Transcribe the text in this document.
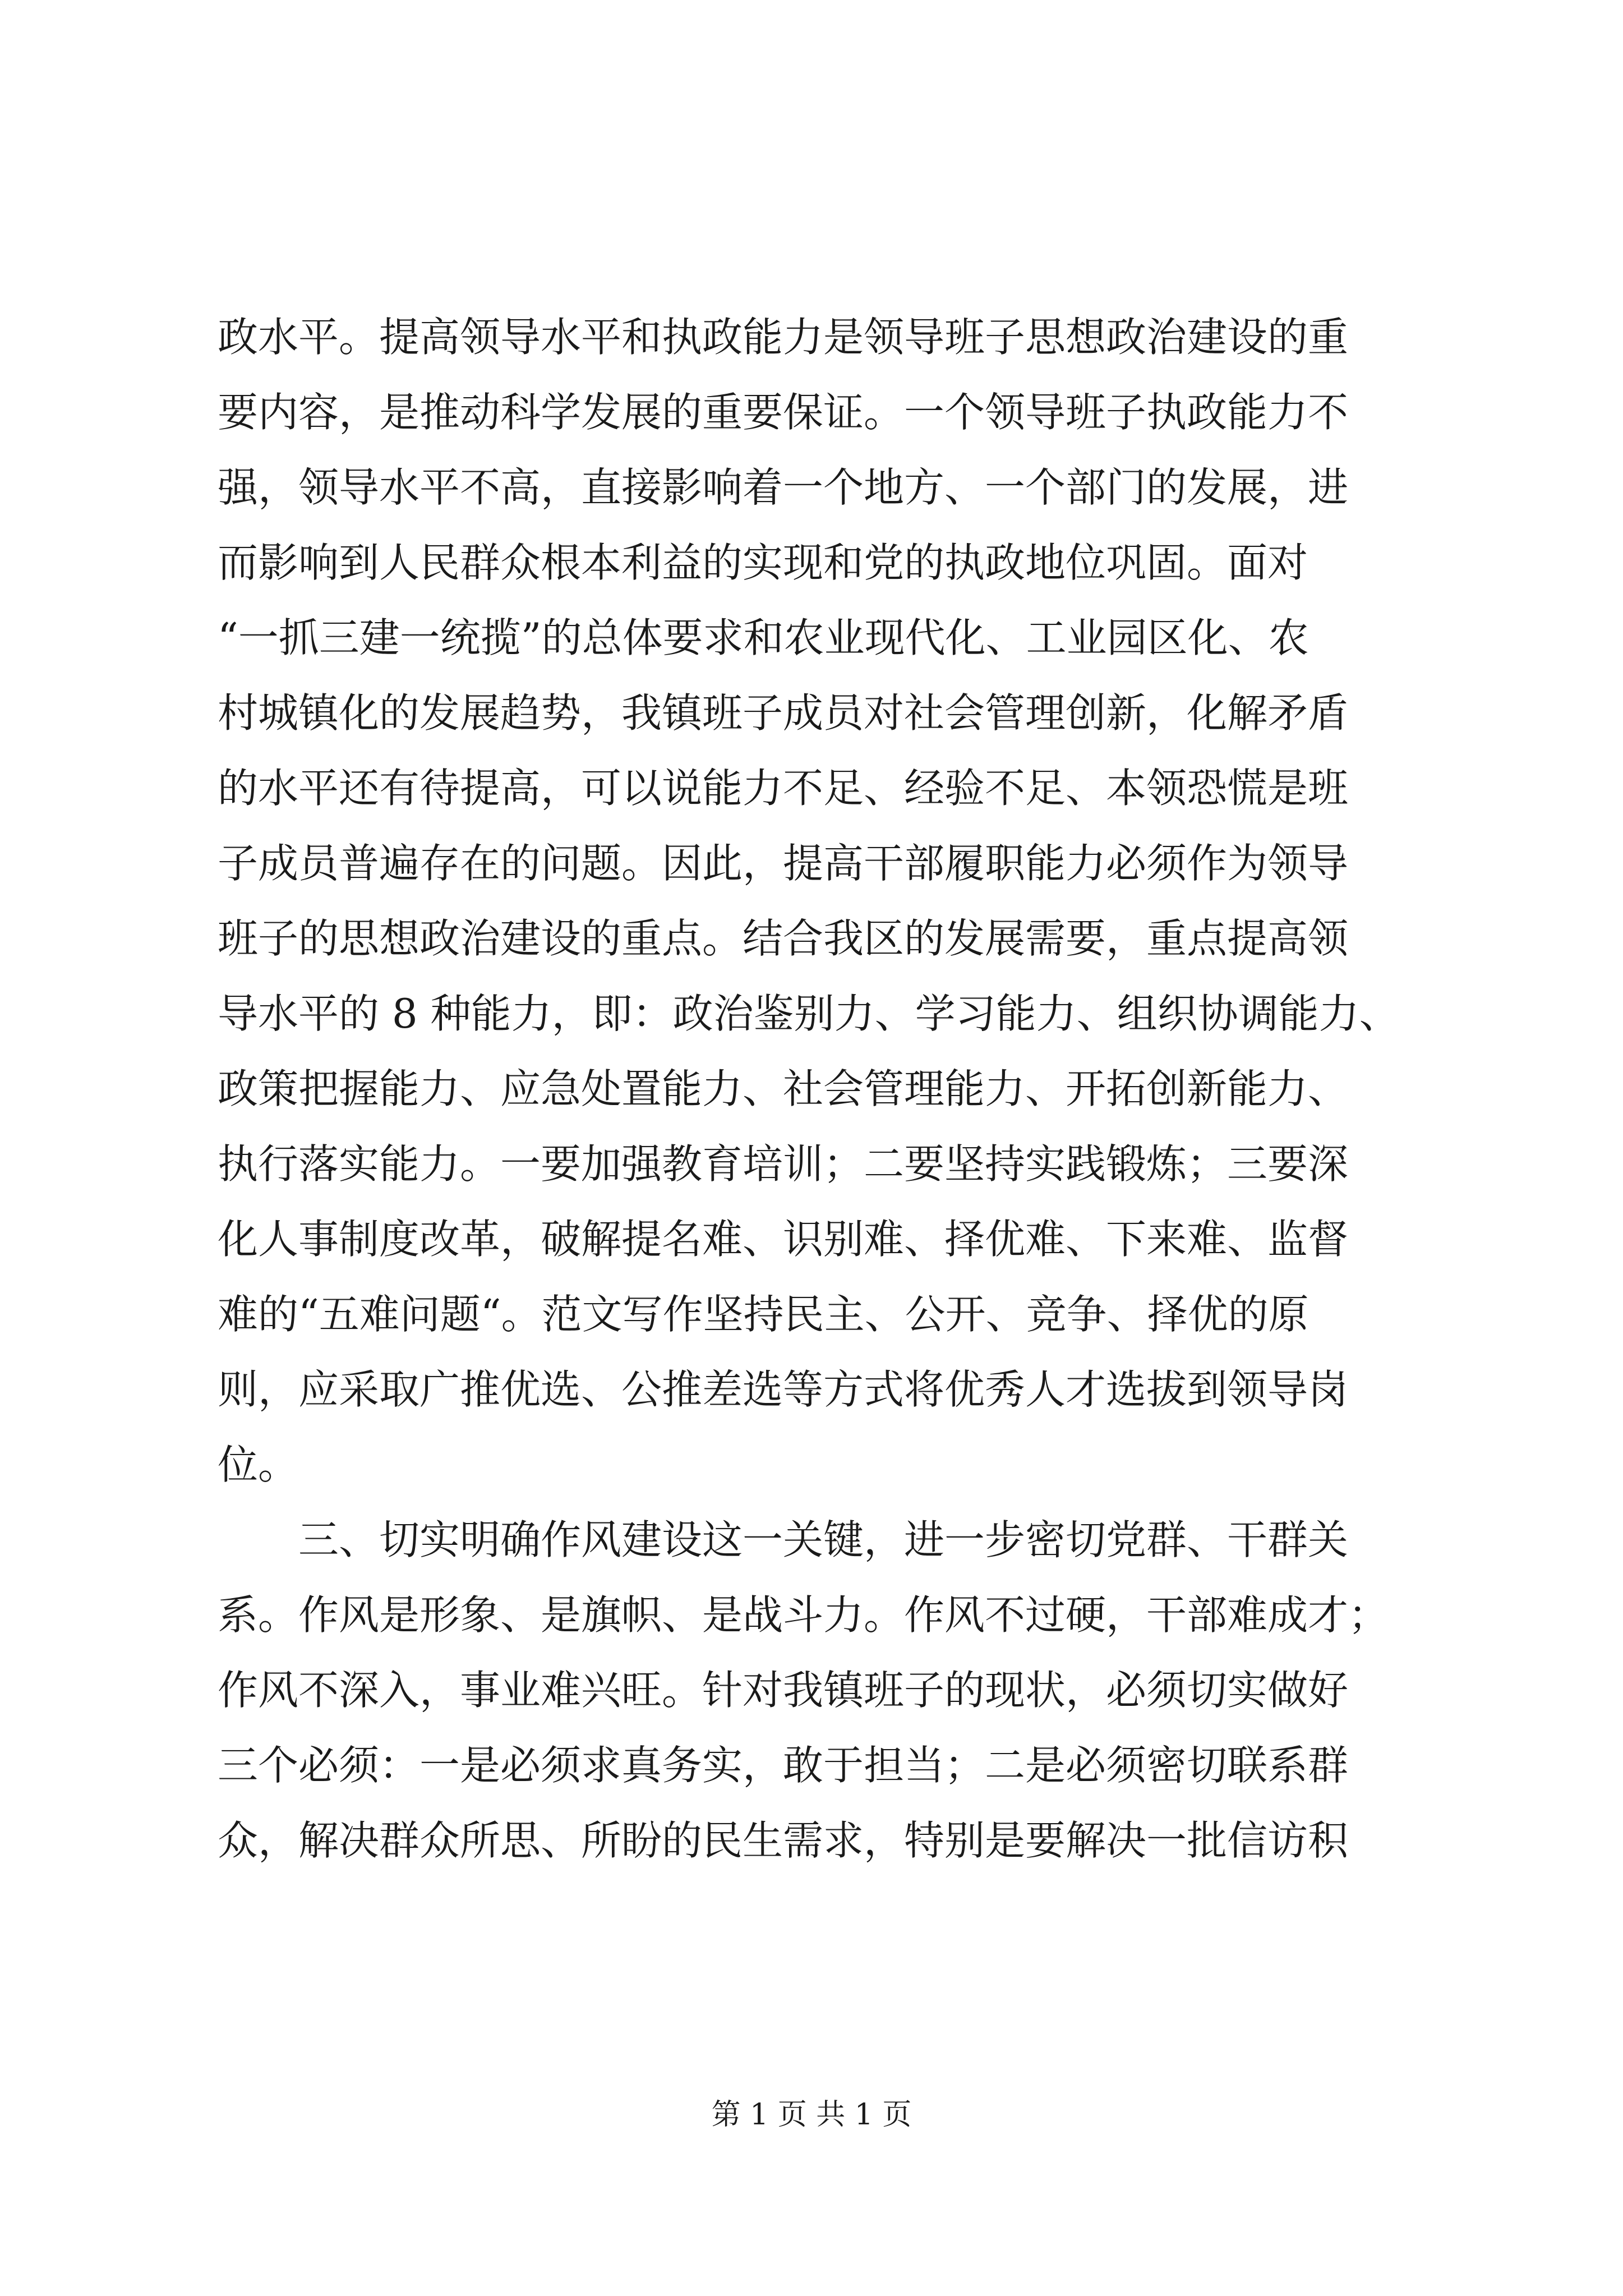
政水平。提高领导水平和执政能力是领导班子思想政治建设的重
要内容，是推动科学发展的重要保证。一个领导班子执政能力不
强，领导水平不高，直接影响着一个地方、一个部门的发展，进
而影响到人民群众根本利益的实现和党的执政地位巩固。面对
“一抓三建一统揽”的总体要求和农业现代化、工业园区化、农
村城镇化的发展趋势，我镇班子成员对社会管理创新，化解矛盾
的水平还有待提高，可以说能力不足、经验不足、本领恐慌是班
子成员普遍存在的问题。因此，提高干部履职能力必须作为领导
班子的思想政治建设的重点。结合我区的发展需要，重点提高领
导水平的 8 种能力，即：政治鉴别力、学习能力、组织协调能力、
政策把握能力、应急处置能力、社会管理能力、开拓创新能力、
执行落实能力。一要加强教育培训；二要坚持实践锻炼；三要深
化人事制度改革，破解提名难、识别难、择优难、下来难、监督
难的“五难问题“。范文写作坚持民主、公开、竞争、择优的原
则，应采取广推优选、公推差选等方式将优秀人才选拔到领导岗
位。
　　三、切实明确作风建设这一关键，进一步密切党群、干群关
系。作风是形象、是旗帜、是战斗力。作风不过硬，干部难成才；
作风不深入，事业难兴旺。针对我镇班子的现状，必须切实做好
三个必须：一是必须求真务实，敢于担当；二是必须密切联系群
众，解决群众所思、所盼的民生需求，特别是要解决一批信访积
第 1 页 共 1 页
